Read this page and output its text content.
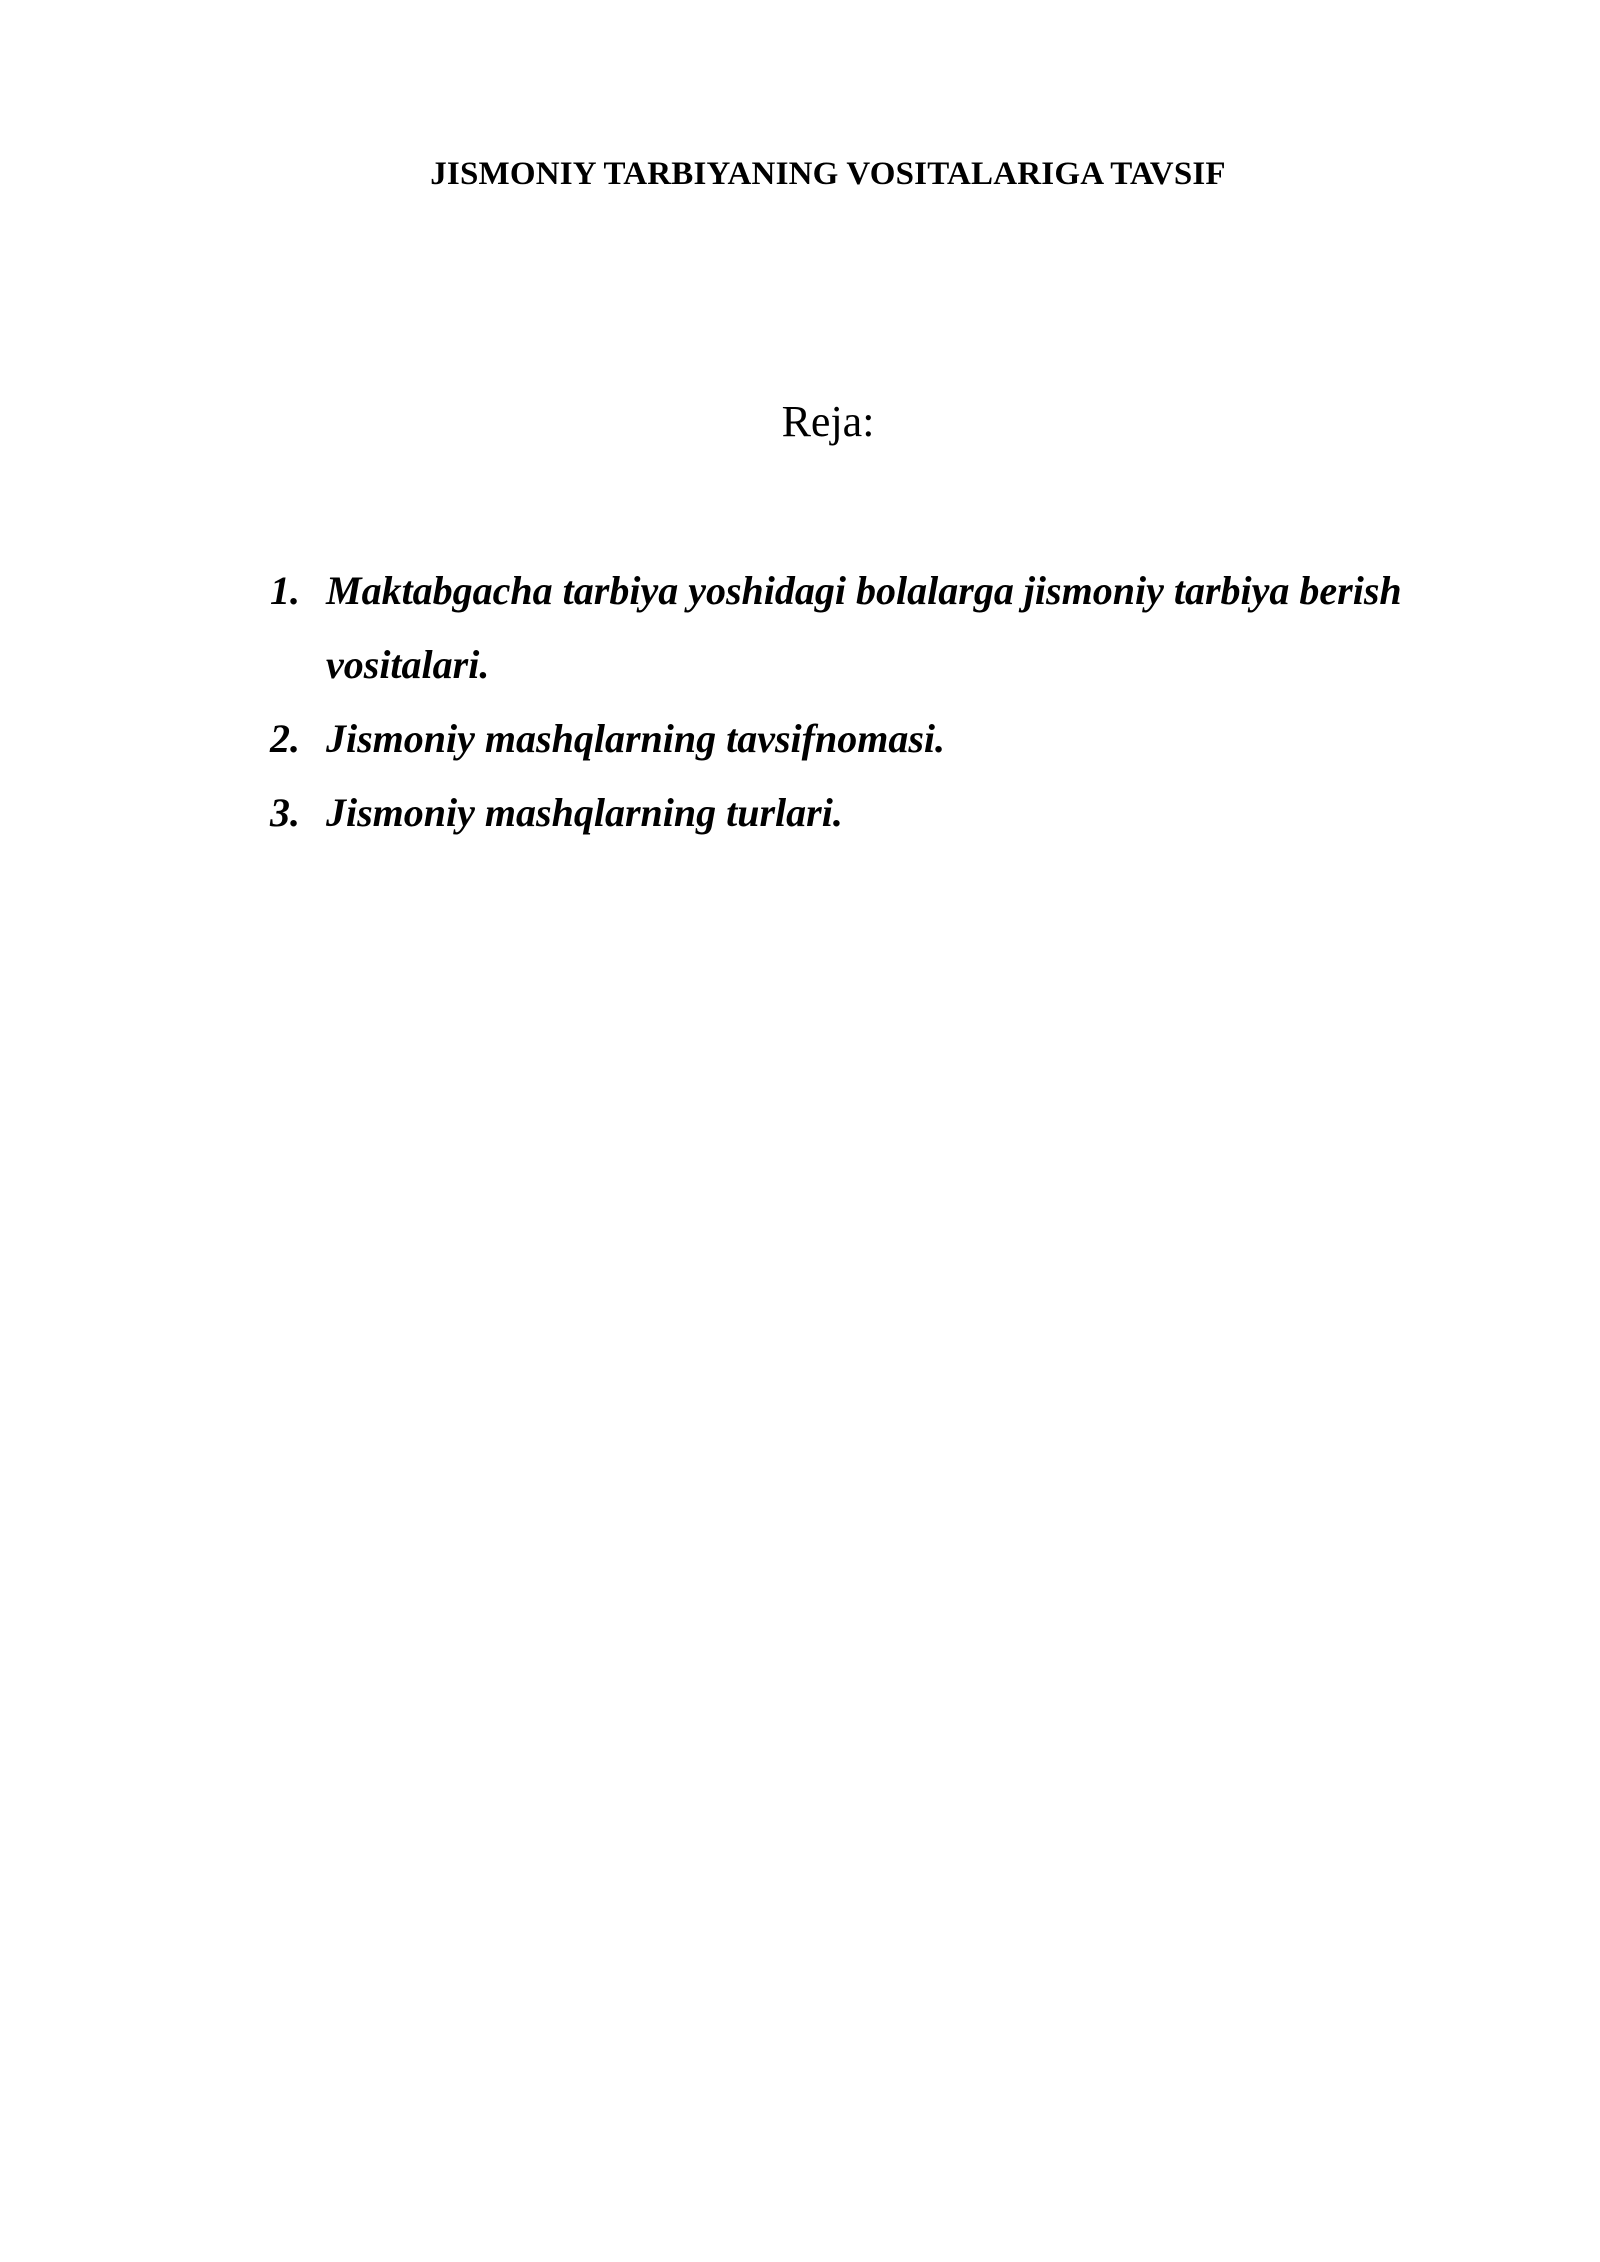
JISMONIY TARBIYANING VOSITALARIGA TAVSIF
Reja:
1. Maktabgacha tarbiya yoshidagi bolalarga jismoniy tarbiya berish vositalari.
2. Jismoniy mashqlarning tavsifnomasi.
3. Jismoniy mashqlarning turlari.
